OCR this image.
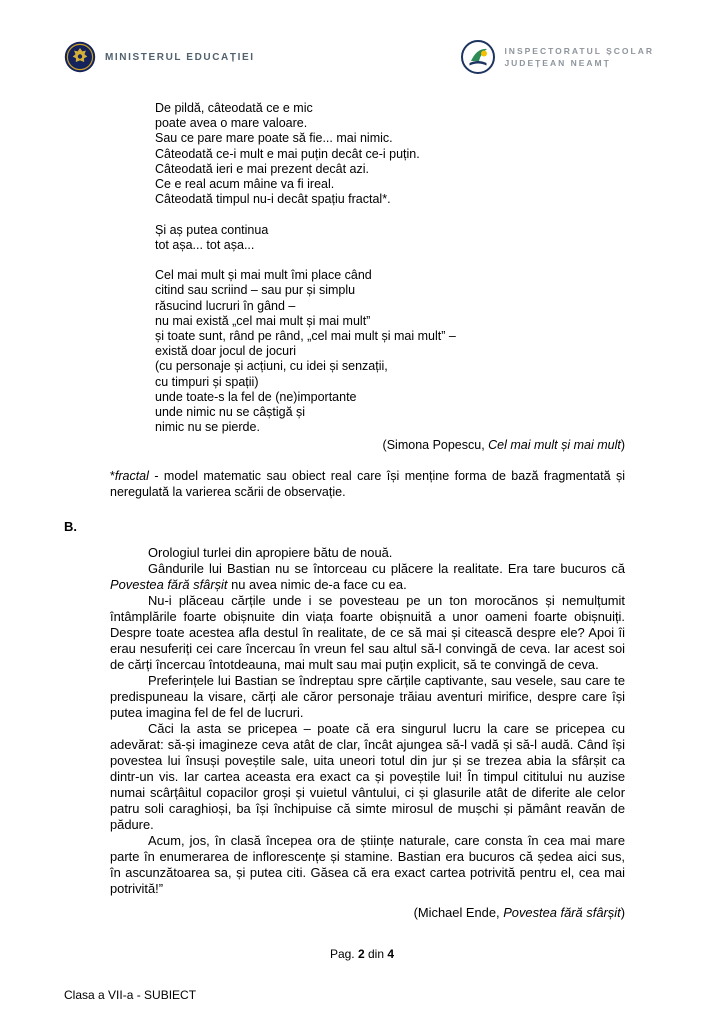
MINISTERUL EDUCAȚIEI
INSPECTORATUL ȘCOLAR
JUDEȚEAN NEAMȚ
De pildă, câteodată ce e mic
poate avea o mare valoare.
Sau ce pare mare poate să fie... mai nimic.
Câteodată ce-i mult e mai puțin decât ce-i puțin.
Câteodată ieri e mai prezent decât azi.
Ce e real acum mâine va fi ireal.
Câteodată timpul nu-i decât spațiu fractal*.

Și aș putea continua
tot așa... tot așa...

Cel mai mult și mai mult îmi place când
citind sau scriind – sau pur și simplu
răsucind lucruri în gând –
nu mai există „cel mai mult și mai mult”
și toate sunt, rând pe rând, „cel mai mult și mai mult” –
există doar jocul de jocuri
(cu personaje și acțiuni, cu idei și senzații,
cu timpuri și spații)
unde toate-s la fel de (ne)importante
unde nimic nu se câștigă și
nimic nu se pierde.
(Simona Popescu, Cel mai mult și mai mult)
*fractal - model matematic sau obiect real care își menține forma de bază fragmentată și neregulată la varierea scării de observație.
B.

Orologiul turlei din apropiere bătu de nouă.

Gândurile lui Bastian nu se întorceau cu plăcere la realitate. Era tare bucuros că Povestea fără sfârșit nu avea nimic de-a face cu ea.

Nu-i plăceau cărțile unde i se povesteau pe un ton morocănos și nemulțumit întâmplările foarte obișnuite din viața foarte obișnuită a unor oameni foarte obișnuiți. Despre toate acestea afla destul în realitate, de ce să mai și citească despre ele? Apoi îi erau nesuferiți cei care încercau în vreun fel sau altul să-l convingă de ceva. Iar acest soi de cărți încercau întotdeauna, mai mult sau mai puțin explicit, să te convingă de ceva.

Preferințele lui Bastian se îndreptau spre cărțile captivante, sau vesele, sau care te predispuneau la visare, cărți ale căror personaje trăiau aventuri mirifice, despre care își putea imagina fel de fel de lucruri.

Căci la asta se pricepea – poate că era singurul lucru la care se pricepea cu adevărat: să-și imagineze ceva atât de clar, încât ajungea să-l vadă și să-l audă. Când își povestea lui însuși poveștile sale, uita uneori totul din jur și se trezea abia la sfârșit ca dintr-un vis. Iar cartea aceasta era exact ca și poveștile lui! În timpul cititului nu auzise numai scârțâitul copacilor groși și vuietul vântului, ci și glasurile atât de diferite ale celor patru soli caraghioși, ba își închipuise că simte mirosul de mușchi și pământ reavăn de pădure.

Acum, jos, în clasă începea ora de științe naturale, care consta în cea mai mare parte în enumerarea de inflorescențe și stamine. Bastian era bucuros că ședea aici sus, în ascunzătoarea sa, și putea citi. Găsea că era exact cartea potrivită pentru el, cea mai potrivită!”

(Michael Ende, Povestea fără sfârșit)
Pag. 2 din 4
Clasa a VII-a - SUBIECT
